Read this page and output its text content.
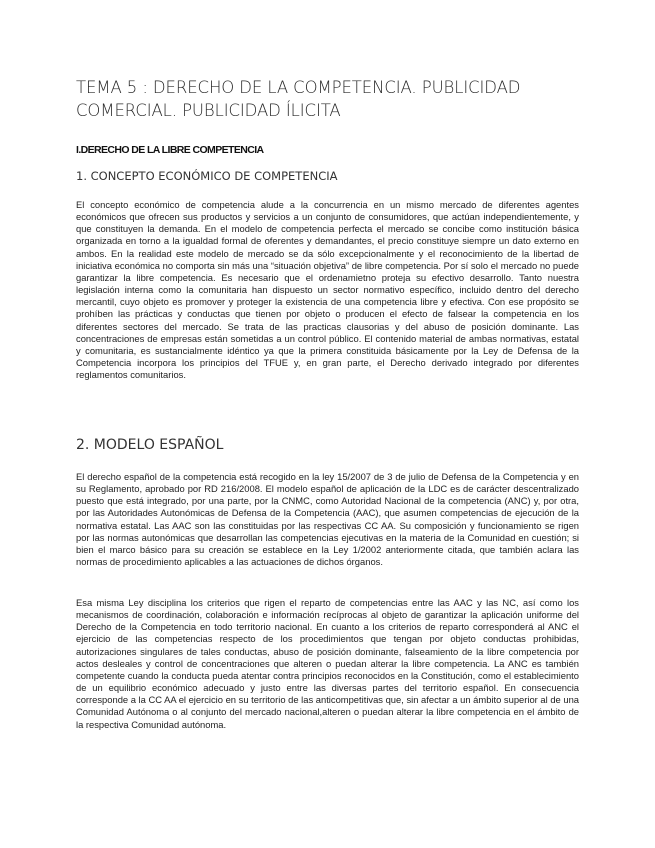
TEMA 5 : DERECHO DE LA COMPETENCIA. PUBLICIDAD COMERCIAL. PUBLICIDAD ÍLICITA
I.DERECHO DE LA LIBRE COMPETENCIA
1. CONCEPTO ECONÓMICO DE COMPETENCIA
El concepto económico de competencia alude a la concurrencia en un mismo mercado de diferentes agentes económicos que ofrecen sus productos y servicios a un conjunto de consumidores, que actúan independientemente, y que constituyen la demanda. En el modelo de competencia perfecta el mercado se concibe como institución básica organizada en torno a la igualdad formal de oferentes y demandantes, el precio constituye siempre un dato externo en ambos. En la realidad este modelo de mercado se da sólo excepcionalmente y el reconocimiento de la libertad de iniciativa económica no comporta sin más una “situación objetiva” de libre competencia. Por sí solo el mercado no puede garantizar la libre competencia. Es necesario que el ordenamietno proteja su efectivo desarrollo. Tanto nuestra legislación interna como la comunitaria han dispuesto un sector normativo específico, incluido dentro del derecho mercantil, cuyo objeto es promover y proteger la existencia de una competencia libre y efectiva. Con ese propósito se prohíben las prácticas y conductas que tienen por objeto o producen el efecto de falsear la competencia en los diferentes sectores del mercado. Se trata de las practicas clausorias y del abuso de posición dominante. Las concentraciones de empresas están sometidas a un control público. El contenido material de ambas normativas, estatal y comunitaria, es sustancialmente idéntico ya que la primera constituida básicamente por la Ley de Defensa de la Competencia incorpora los principios del TFUE y, en gran parte, el Derecho derivado integrado por diferentes reglamentos comunitarios.
2. MODELO ESPAÑOL
El derecho español de la competencia está recogido en la ley 15/2007 de 3 de julio de Defensa de la Competencia y en su Reglamento, aprobado por RD 216/2008. El modelo español de aplicación de la LDC es de carácter descentralizado puesto que está integrado, por una parte, por la CNMC, como Autoridad Nacional de la competencia (ANC) y, por otra, por las Autoridades Autonómicas de Defensa de la Competencia (AAC), que asumen competencias de ejecución de la normativa estatal. Las AAC son las constituidas por las respectivas CC AA. Su composición y funcionamiento se rigen por las normas autonómicas que desarrollan las competencias ejecutivas en la materia de la Comunidad en cuestión; si bien el marco básico para su creación se establece en la Ley 1/2002 anteriormente citada, que también aclara las normas de procedimiento aplicables a las actuaciones de dichos órganos.
Esa misma Ley disciplina los criterios que rigen el reparto de competencias entre las AAC y las NC, así como los mecanismos de coordinación, colaboración e información recíprocas al objeto de garantizar la aplicación uniforme del Derecho de la Competencia en todo territorio nacional. En cuanto a los criterios de reparto corresponderá al ANC el ejercicio de las competencias respecto de los procedimientos que tengan por objeto conductas prohibidas, autorizaciones singulares de tales conductas, abuso de posición dominante, falseamiento de la libre competencia por actos desleales y control de concentraciones que alteren o puedan alterar la libre competencia. La ANC es también competente cuando la conducta pueda atentar contra principios reconocidos en la Constitución, como el establecimiento de un equilibrio económico adecuado y justo entre las diversas partes del territorio español. En consecuencia corresponde a la CC AA el ejercicio en su territorio de las anticompetitivas que, sin afectar a un ámbito superior al de una Comunidad Autónoma o al conjunto del mercado nacional,alteren o puedan alterar la libre competencia en el ámbito de la respectiva Comunidad autónoma.
